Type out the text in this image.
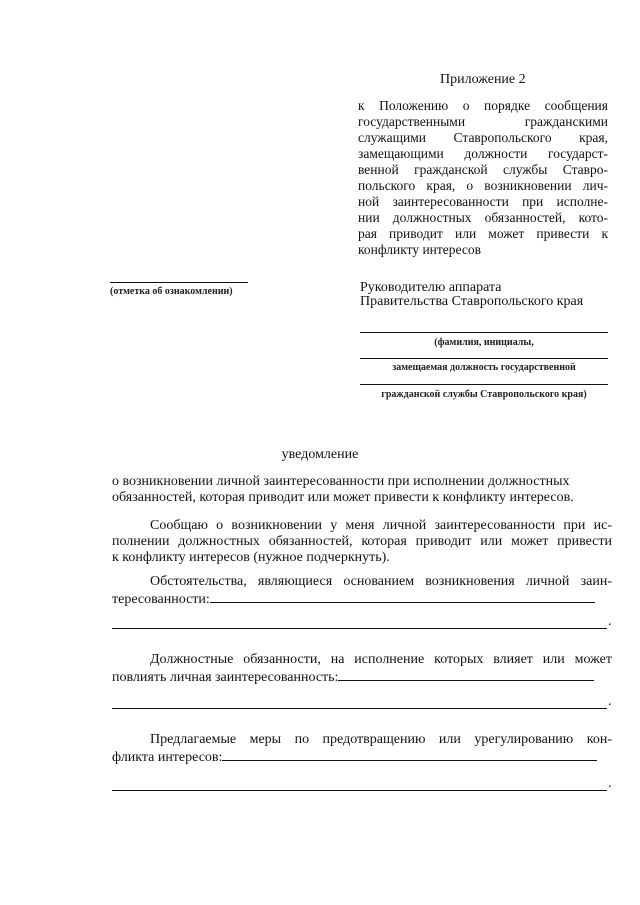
Приложение 2
к Положению о порядке сообщения
государственными гражданскими
служащими Ставропольского края,
замещающими должности государст-
венной гражданской службы Ставро-
польского края, о возникновении лич-
ной заинтересованности при исполне-
нии должностных обязанностей, кото-
рая приводит или может привести к
конфликту интересов
(отметка об ознакомлении)	Руководителю аппарата
Правительства Ставропольского края
(фамилия, инициалы,
замещаемая должность государственной
гражданской службы Ставропольского края)
уведомление
о возникновении личной заинтересованности при исполнении должностных
обязанностей, которая приводит или может привести к конфликту интересов.
Сообщаю о возникновении у меня личной заинтересованности при ис-
полнении должностных обязанностей, которая приводит или может привести
к конфликту интересов (нужное подчеркнуть).
Обстоятельства, являющиеся основанием возникновения личной заин-
тересованности:
.
Должностные обязанности, на исполнение которых влияет или может
повлиять личная заинтересованность:
.
Предлагаемые меры по предотвращению или урегулированию кон-
фликта интересов:
.
